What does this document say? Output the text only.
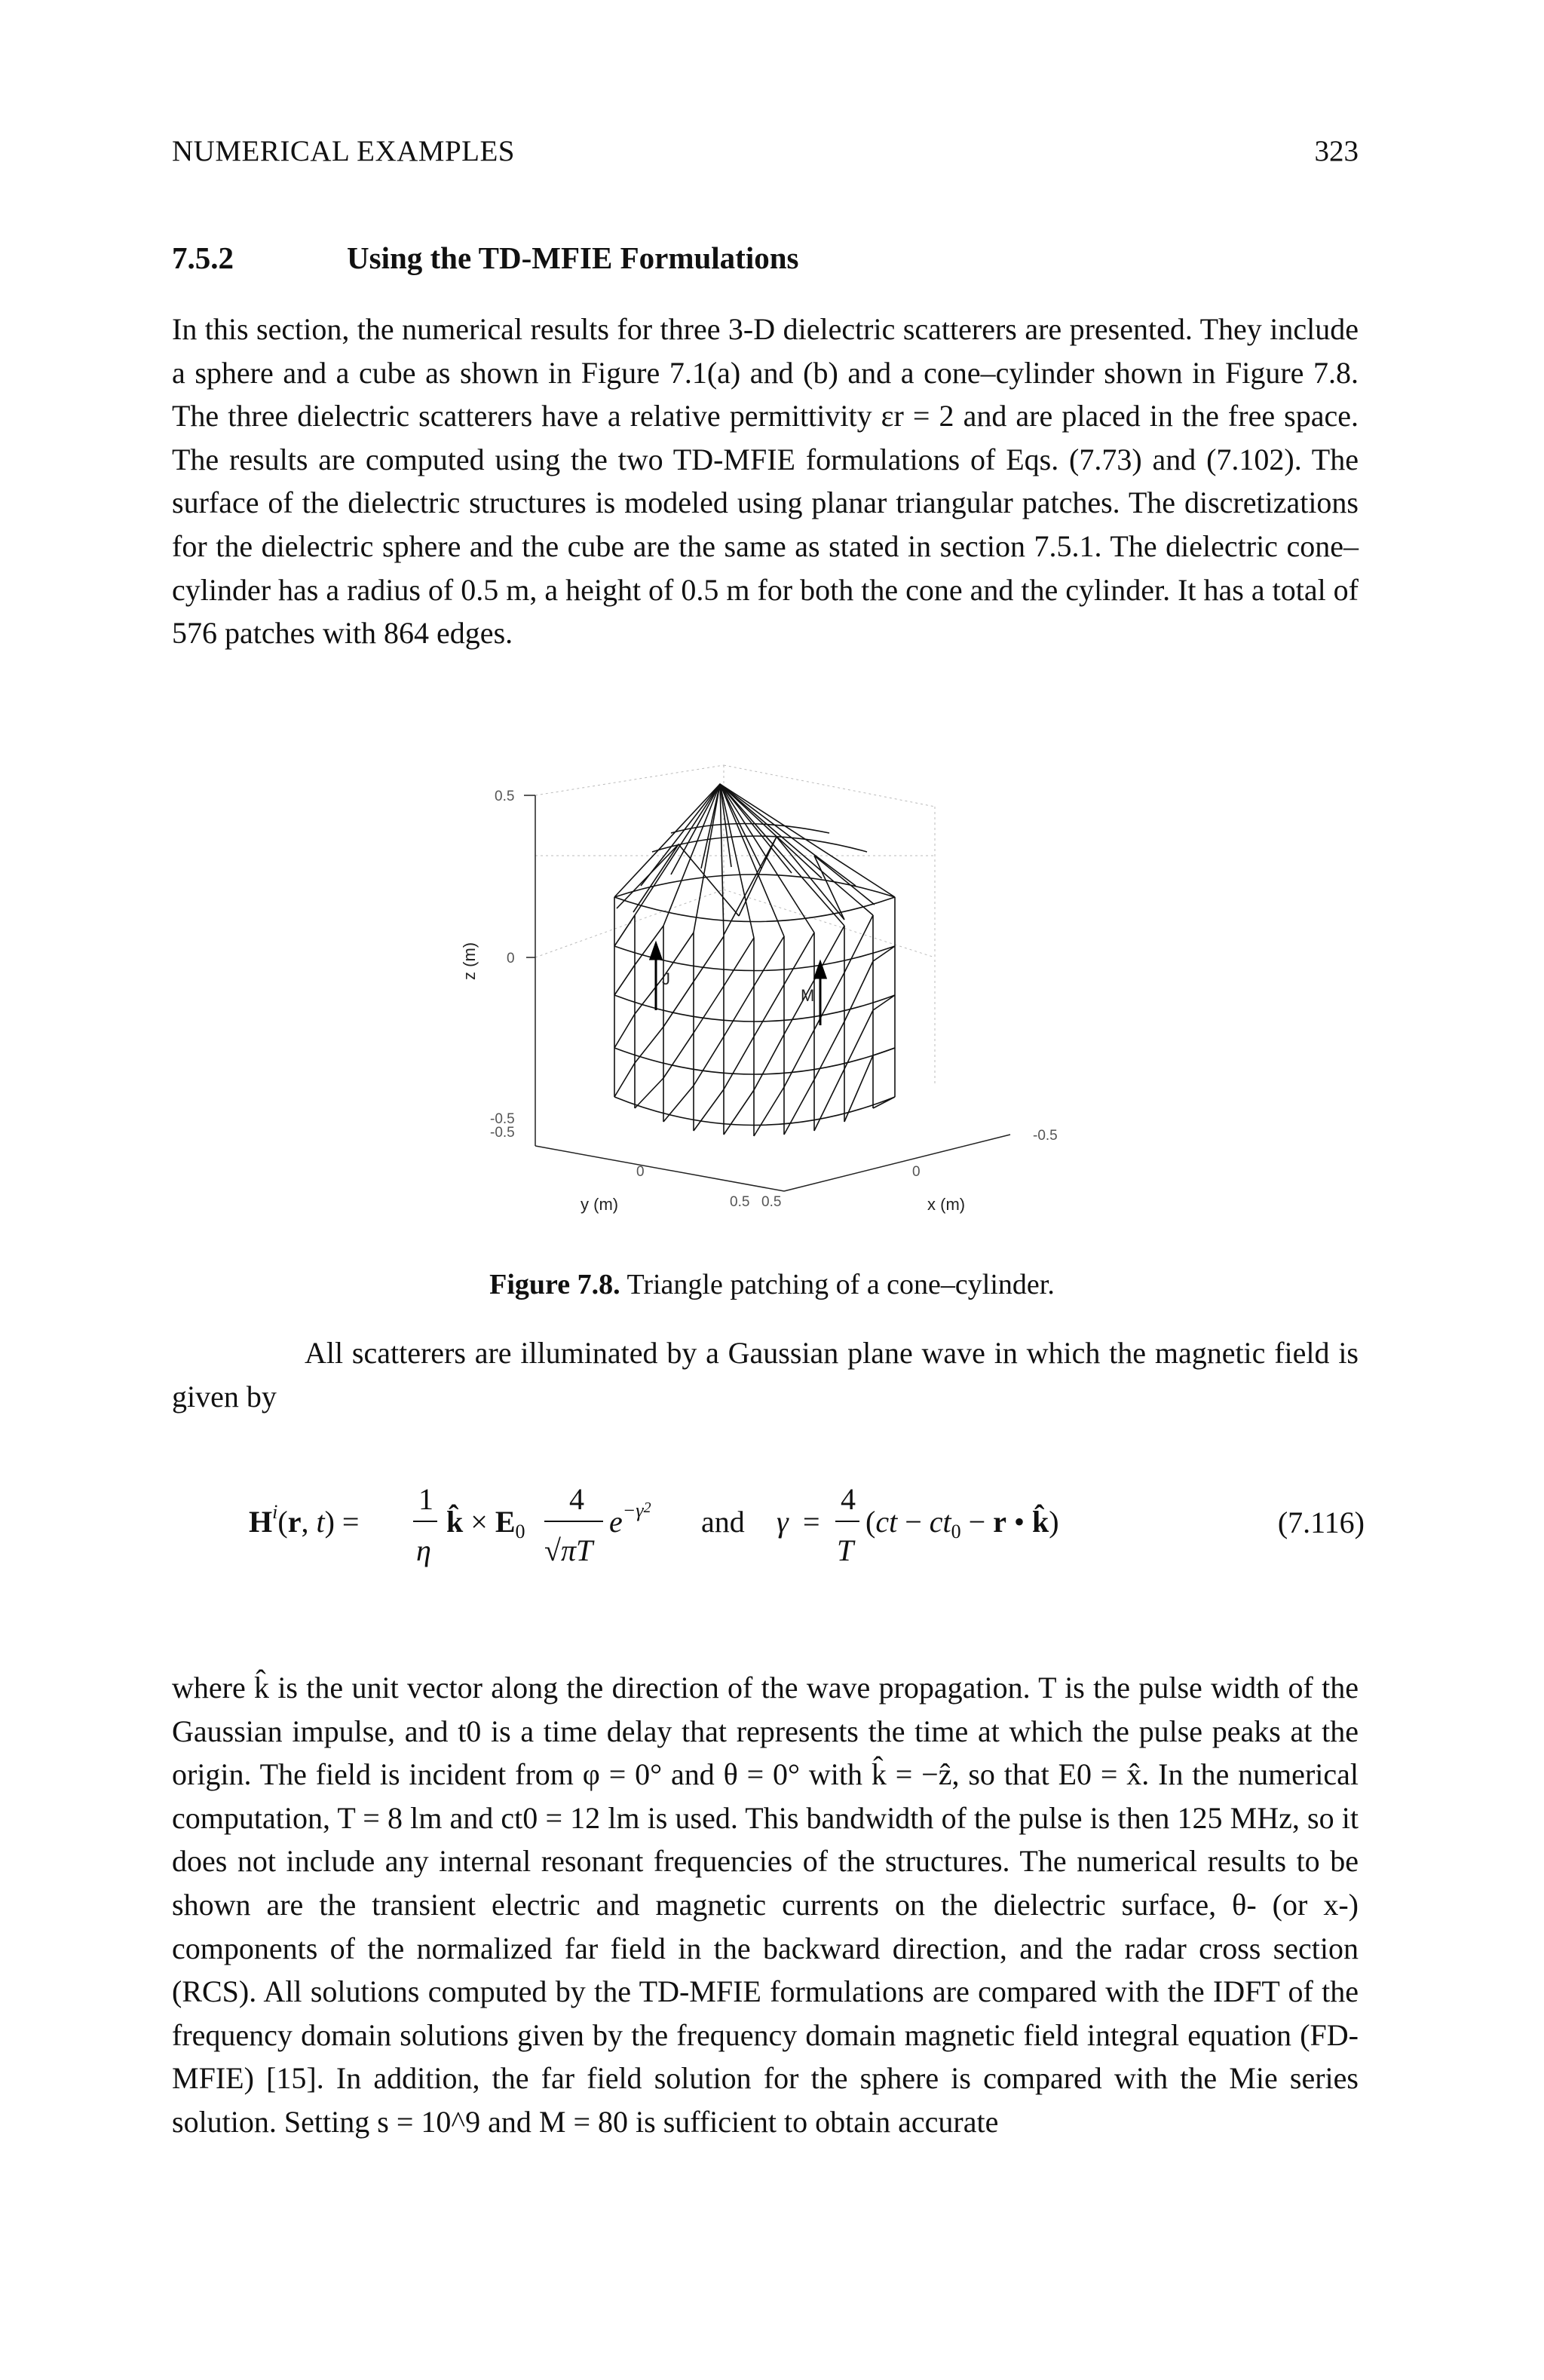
NUMERICAL EXAMPLES	323
7.5.2	Using the TD-MFIE Formulations
In this section, the numerical results for three 3-D dielectric scatterers are presented. They include a sphere and a cube as shown in Figure 7.1(a) and (b) and a cone–cylinder shown in Figure 7.8. The three dielectric scatterers have a relative permittivity εr = 2 and are placed in the free space. The results are computed using the two TD-MFIE formulations of Eqs. (7.73) and (7.102). The surface of the dielectric structures is modeled using planar triangular patches. The discretizations for the dielectric sphere and the cube are the same as stated in section 7.5.1. The dielectric cone–cylinder has a radius of 0.5 m, a height of 0.5 m for both the cone and the cylinder. It has a total of 576 patches with 864 edges.
0.5
0
-0.5
-0.5
0
0.5 0.5
0
-0.5
z (m)
y (m)	x (m)
J
M
Figure 7.8. Triangle patching of a cone–cylinder.
All scatterers are illuminated by a Gaussian plane wave in which the magnetic field is given by
$H^i(r$, t) =
1
η
k̂ × $E_0$
4
√πT
$e^{-\gamma}2$ and γ =
4
T
($ct - ct_0 - r$ • k̂)	(7.116)
where k̂ is the unit vector along the direction of the wave propagation. T is the pulse width of the Gaussian impulse, and t0 is a time delay that represents the time at which the pulse peaks at the origin. The field is incident from φ = 0° and θ = 0° with k̂ = −ẑ, so that E0 = x̂. In the numerical computation, T = 8 lm and ct0 = 12 lm is used. This bandwidth of the pulse is then 125 MHz, so it does not include any internal resonant frequencies of the structures. The numerical results to be shown are the transient electric and magnetic currents on the dielectric surface, θ- (or x-) components of the normalized far field in the backward direction, and the radar cross section (RCS). All solutions computed by the TD-MFIE formulations are compared with the IDFT of the frequency domain solutions given by the frequency domain magnetic field integral equation (FD-MFIE) [15]. In addition, the far field solution for the sphere is compared with the Mie series solution. Setting s = 10^9 and M = 80 is sufficient to obtain accurate
